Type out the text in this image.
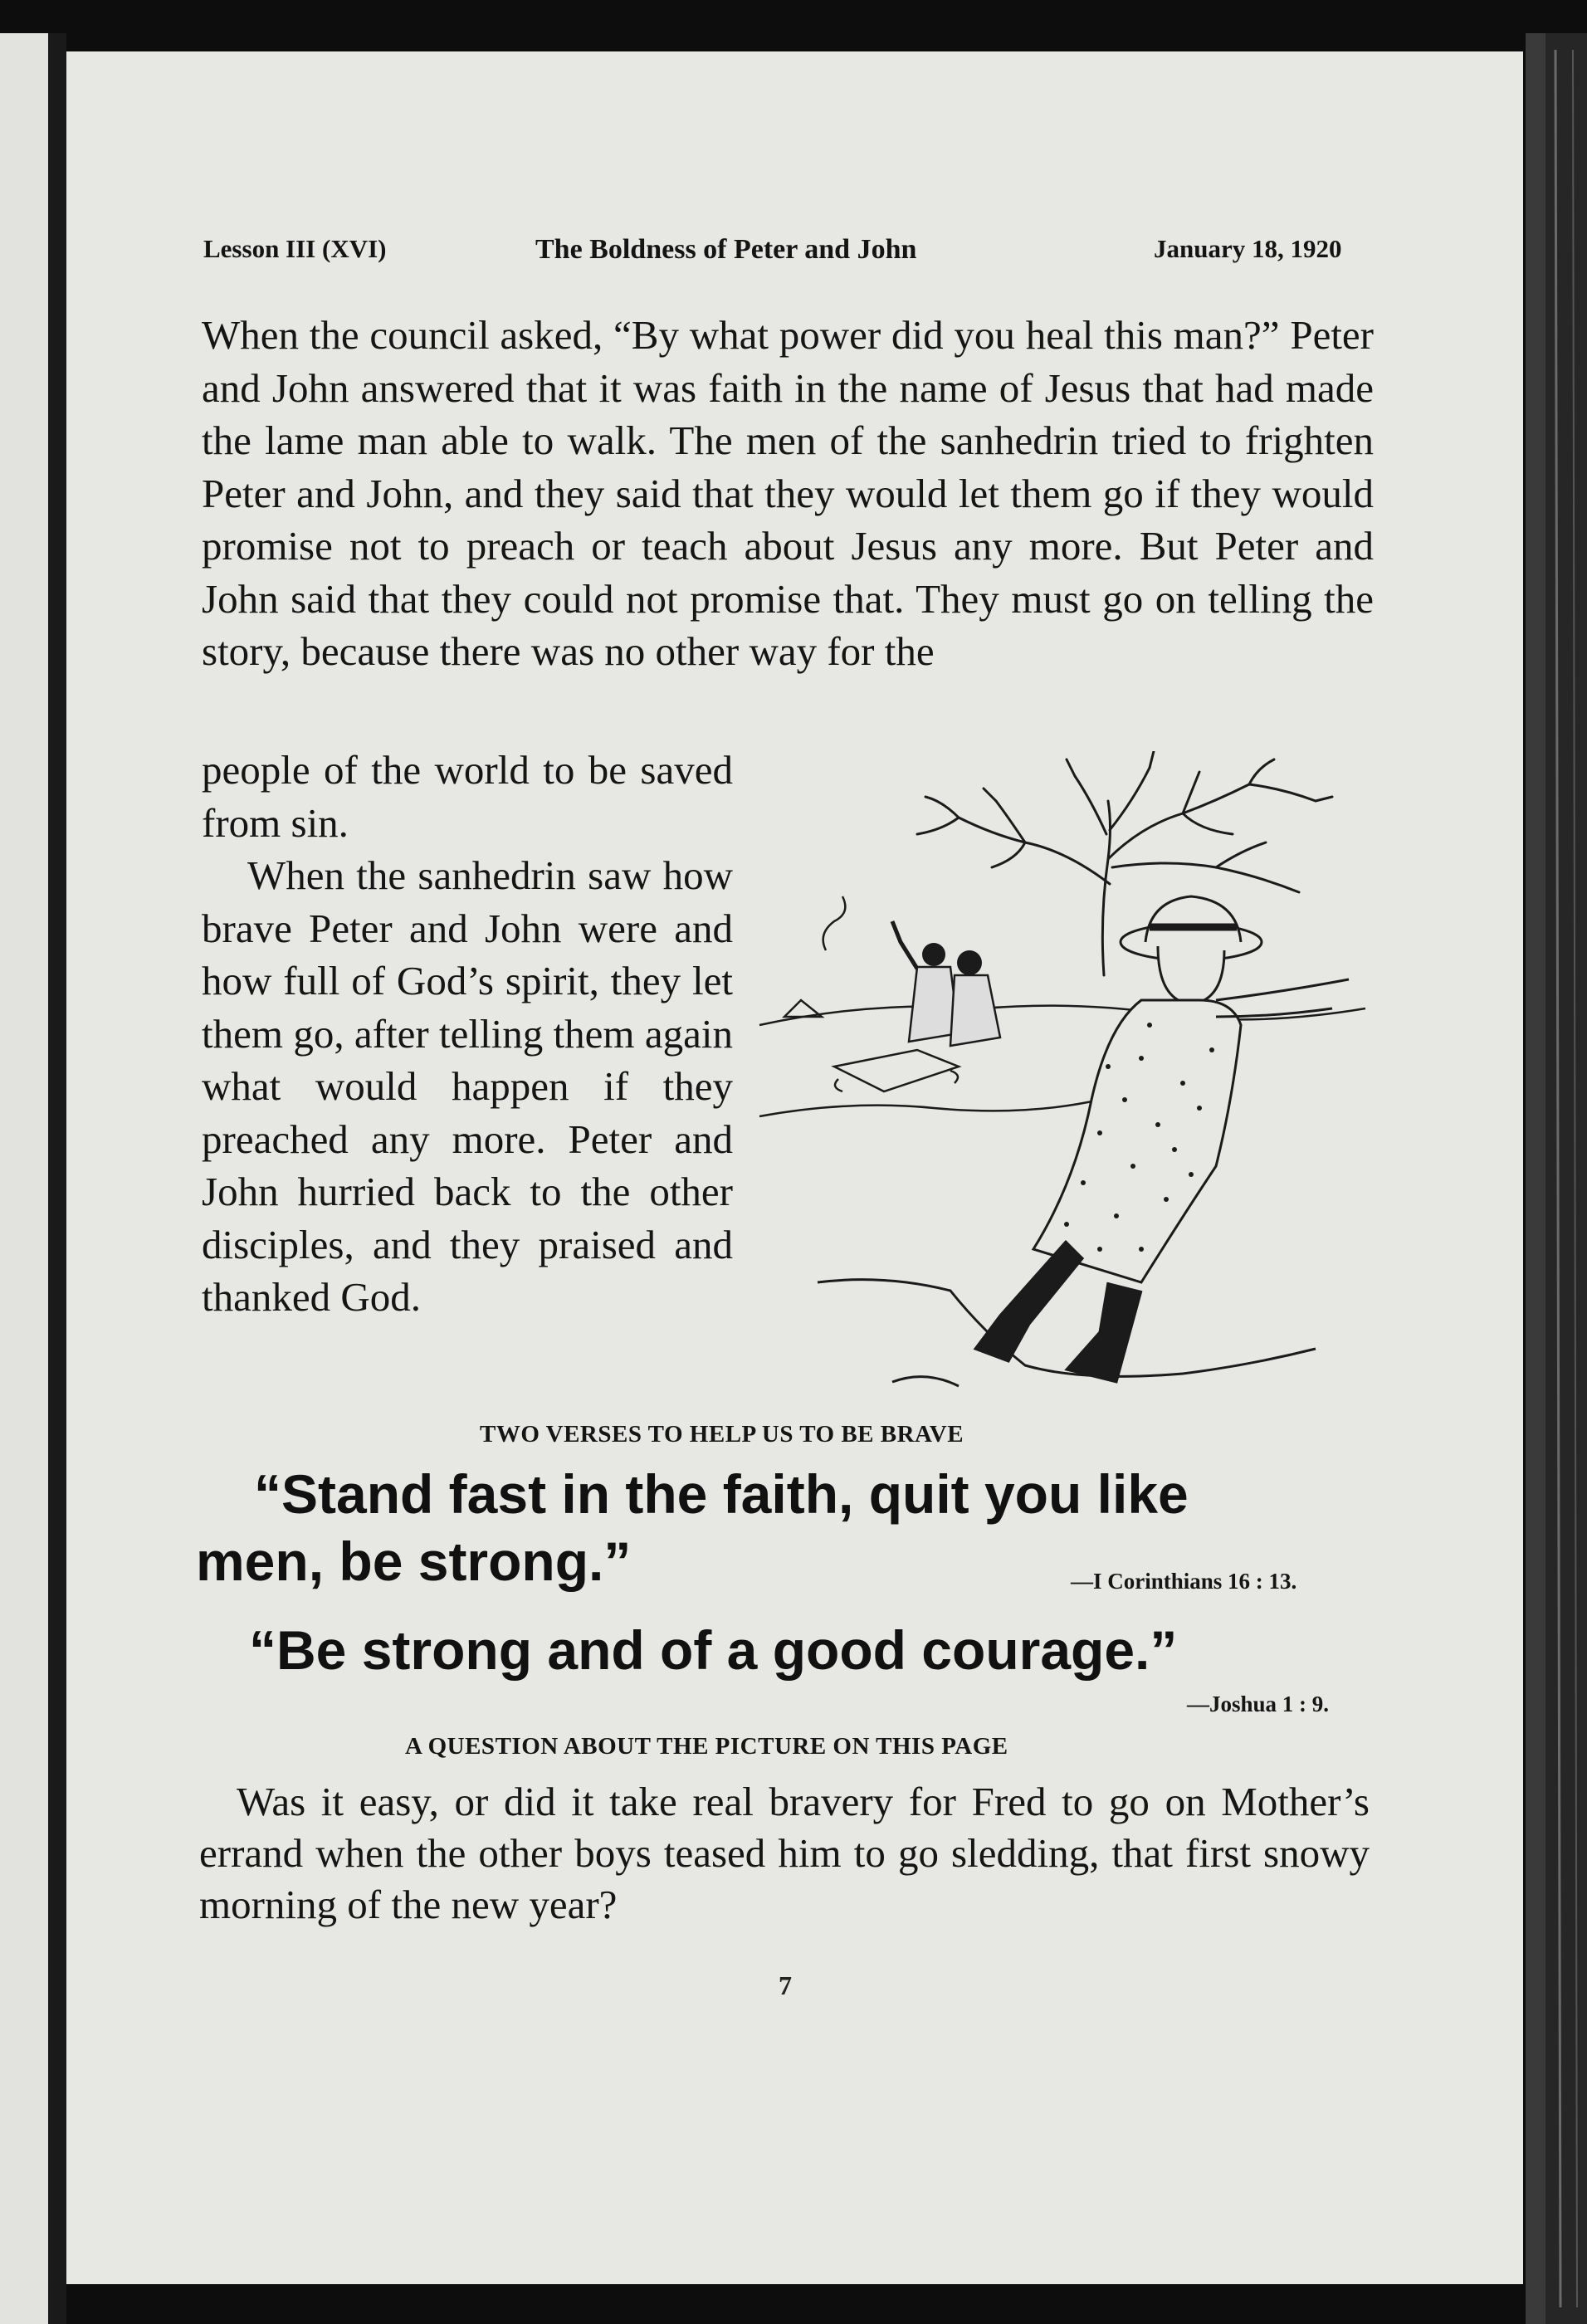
Lesson III (XVI)	The Boldness of Peter and John	January 18, 1920
When the council asked, “By what power did you heal this man?” Peter and John answered that it was faith in the name of Jesus that had made the lame man able to walk. The men of the sanhedrin tried to frighten Peter and John, and they said that they would let them go if they would promise not to preach or teach about Jesus any more. But Peter and John said that they could not promise that. They must go on telling the story, because there was no other way for the

people of the world to be saved from sin.

When the sanhedrin saw how brave Peter and John were and how full of God’s spirit, they let them go, after telling them again what would happen if they preached any more. Peter and John hurried back to the other disciples, and they praised and thanked God.

TWO VERSES TO HELP US TO BE BRAVE
“Stand fast in the faith, quit you like
men, be strong.”	—I Corinthians 16 : 13.
“Be strong and of a good courage.”
—Joshua 1 : 9.
A QUESTION ABOUT THE PICTURE ON THIS PAGE
Was it easy, or did it take real bravery for Fred to go on Mother’s errand when the other boys teased him to go sledding, that first snowy morning of the new year?
7
